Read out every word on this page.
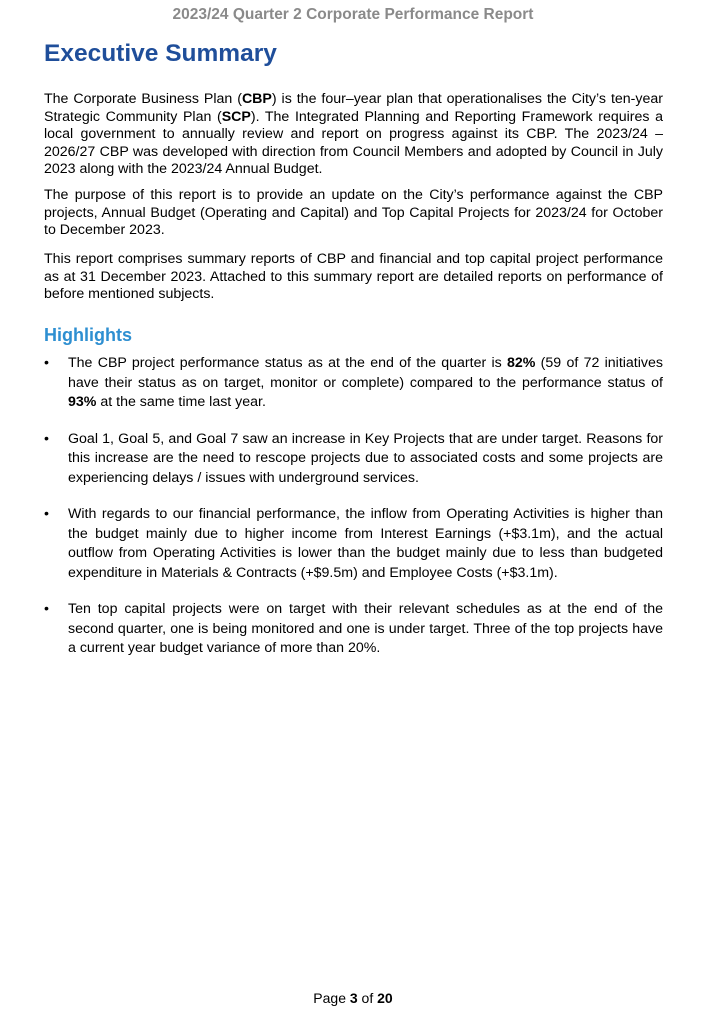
2023/24 Quarter 2 Corporate Performance Report
Executive Summary

The Corporate Business Plan (CBP) is the four–year plan that operationalises the City’s ten-year Strategic Community Plan (SCP). The Integrated Planning and Reporting Framework requires a local government to annually review and report on progress against its CBP. The 2023/24 – 2026/27 CBP was developed with direction from Council Members and adopted by Council in July 2023 along with the 2023/24 Annual Budget.

The purpose of this report is to provide an update on the City’s performance against the CBP projects, Annual Budget (Operating and Capital) and Top Capital Projects for 2023/24 for October to December 2023.

This report comprises summary reports of CBP and financial and top capital project performance as at 31 December 2023. Attached to this summary report are detailed reports on performance of before mentioned subjects.

Highlights
• The CBP project performance status as at the end of the quarter is 82% (59 of 72 initiatives have their status as on target, monitor or complete) compared to the performance status of 93% at the same time last year.
• Goal 1, Goal 5, and Goal 7 saw an increase in Key Projects that are under target. Reasons for this increase are the need to rescope projects due to associated costs and some projects are experiencing delays / issues with underground services.
• With regards to our financial performance, the inflow from Operating Activities is higher than the budget mainly due to higher income from Interest Earnings (+$3.1m), and the actual outflow from Operating Activities is lower than the budget mainly due to less than budgeted expenditure in Materials & Contracts (+$9.5m) and Employee Costs (+$3.1m).
• Ten top capital projects were on target with their relevant schedules as at the end of the second quarter, one is being monitored and one is under target. Three of the top projects have a current year budget variance of more than 20%.
Page 3 of 20
